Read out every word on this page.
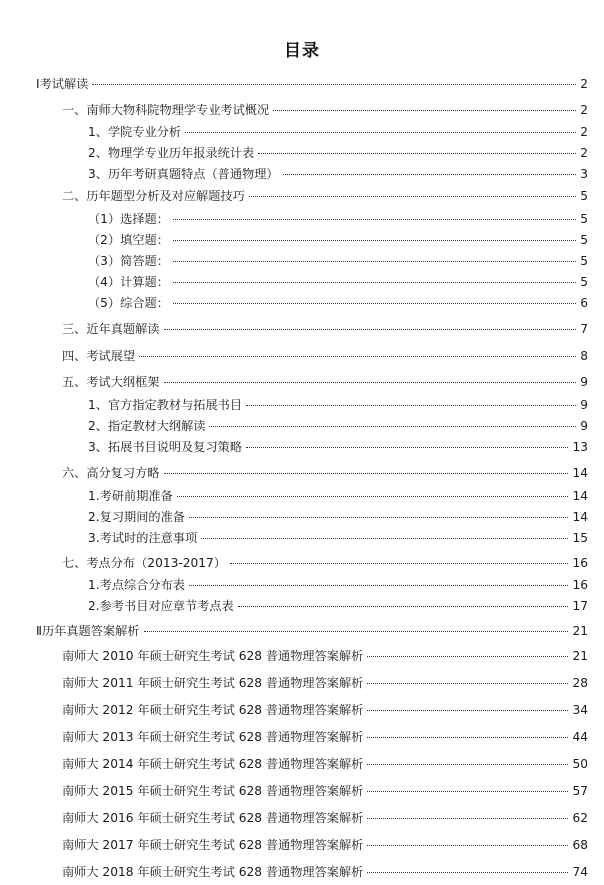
目录
Ⅰ考试解读	2
一、南师大物科院物理学专业考试概况	2
1、学院专业分析	2
2、物理学专业历年报录统计表	2
3、历年考研真题特点（普通物理）	3
二、历年题型分析及对应解题技巧	5
（1）选择题：	5
（2）填空题：	5
（3）简答题：	5
（4）计算题：	5
（5）综合题：	6
三、近年真题解读	7
四、考试展望	8
五、考试大纲框架	9
1、官方指定教材与拓展书目	9
2、指定教材大纲解读	9
3、拓展书目说明及复习策略	13
六、高分复习方略	14
1.考研前期准备	14
2.复习期间的准备	14
3.考试时的注意事项	15
七、考点分布（2013-2017）	16
1.考点综合分布表	16
2.参考书目对应章节考点表	17
Ⅱ历年真题答案解析	21
南师大 2010 年硕士研究生考试 628 普通物理答案解析	21
南师大 2011 年硕士研究生考试 628 普通物理答案解析	28
南师大 2012 年硕士研究生考试 628 普通物理答案解析	34
南师大 2013 年硕士研究生考试 628 普通物理答案解析	44
南师大 2014 年硕士研究生考试 628 普通物理答案解析	50
南师大 2015 年硕士研究生考试 628 普通物理答案解析	57
南师大 2016 年硕士研究生考试 628 普通物理答案解析	62
南师大 2017 年硕士研究生考试 628 普通物理答案解析	68
南师大 2018 年硕士研究生考试 628 普通物理答案解析	74
